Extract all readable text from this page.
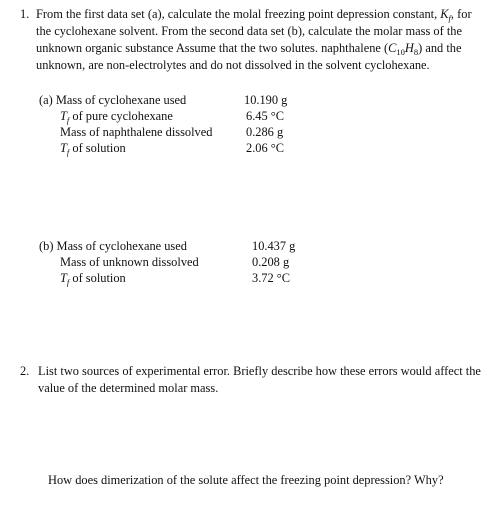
1. From the first data set (a), calculate the molal freezing point depression constant, $K_f$, for
the cyclohexane solvent. From the second data set (b), calculate the molar mass of the
unknown organic substance Assume that the two solutes. naphthalene $(C_{10}H_8)$ and the
unknown, are non-electrolytes and do not dissolved in the solvent cyclohexane.
(a) Mass of cyclohexane used	10.190 g
$T_f$ of pure cyclohexane	6.45 °C
Mass of naphthalene dissolved	0.286 g
$T_f$ of solution	2.06 °C
(b) Mass of cyclohexane used	10.437 g
Mass of unknown dissolved	0.208 g
$T_f$ of solution	3.72 °C
2. List two sources of experimental error. Briefly describe how these errors would affect the
value of the determined molar mass.
How does dimerization of the solute affect the freezing point depression? Why?
